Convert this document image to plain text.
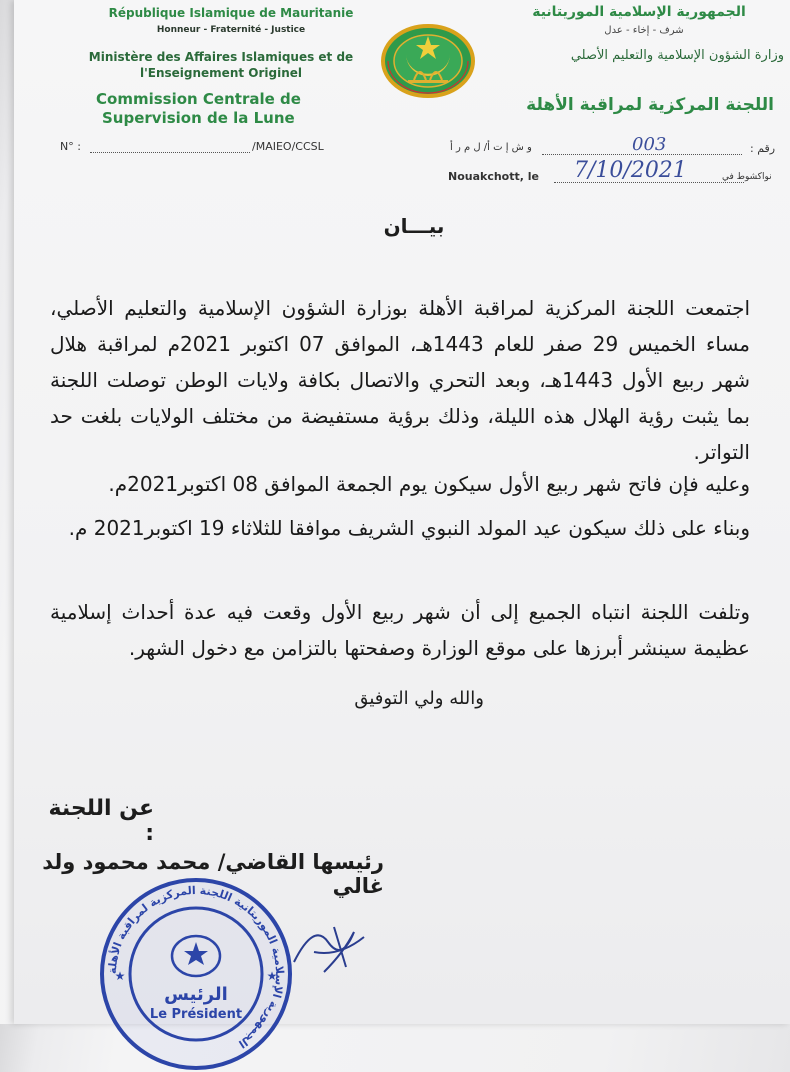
République Islamique de Mauritanie
Honneur - Fraternité - Justice
Ministère des Affaires Islamiques et de
l'Enseignement Originel
Commission Centrale de
Supervision de la Lune
الجمهورية الإسلامية الموريتانية
شرف - إخاء - عدل
وزارة الشؤون الإسلامية والتعليم الأصلي
اللجنة المركزية لمراقبة الأهلة
N° :	/MAIEO/CCSL	و ش إ ت أ/ ل م ر أ	003	رقم :
Nouakchott, le 7/10/2021	نواكشوط في
بيـــان
اجتمعت اللجنة المركزية لمراقبة الأهلة بوزارة الشؤون الإسلامية والتعليم الأصلي، مساء الخميس 29 صفر للعام 1443هـ، الموافق 07 اكتوبر 2021م لمراقبة هلال شهر ربيع الأول 1443هـ، وبعد التحري والاتصال بكافة ولايات الوطن توصلت اللجنة بما يثبت رؤية الهلال هذه الليلة، وذلك برؤية مستفيضة من مختلف الولايات بلغت حد التواتر.
وعليه فإن فاتح شهر ربيع الأول سيكون يوم الجمعة الموافق 08 اكتوبر2021م.
وبناء على ذلك سيكون عيد المولد النبوي الشريف موافقا للثلاثاء 19 اكتوبر2021 م.
وتلفت اللجنة انتباه الجميع إلى أن شهر ربيع الأول وقعت فيه عدة أحداث إسلامية عظيمة سينشر أبرزها على موقع الوزارة وصفحتها بالتزامن مع دخول الشهر.
والله ولي التوفيق
عن اللجنة :
رئيسها القاضي/ محمد محمود ولد غالي
الجمهورية الإسلامية الموريتانية اللجنة المركزية لمراقبة الأهلة
الرئيس
Le Président
★	★
